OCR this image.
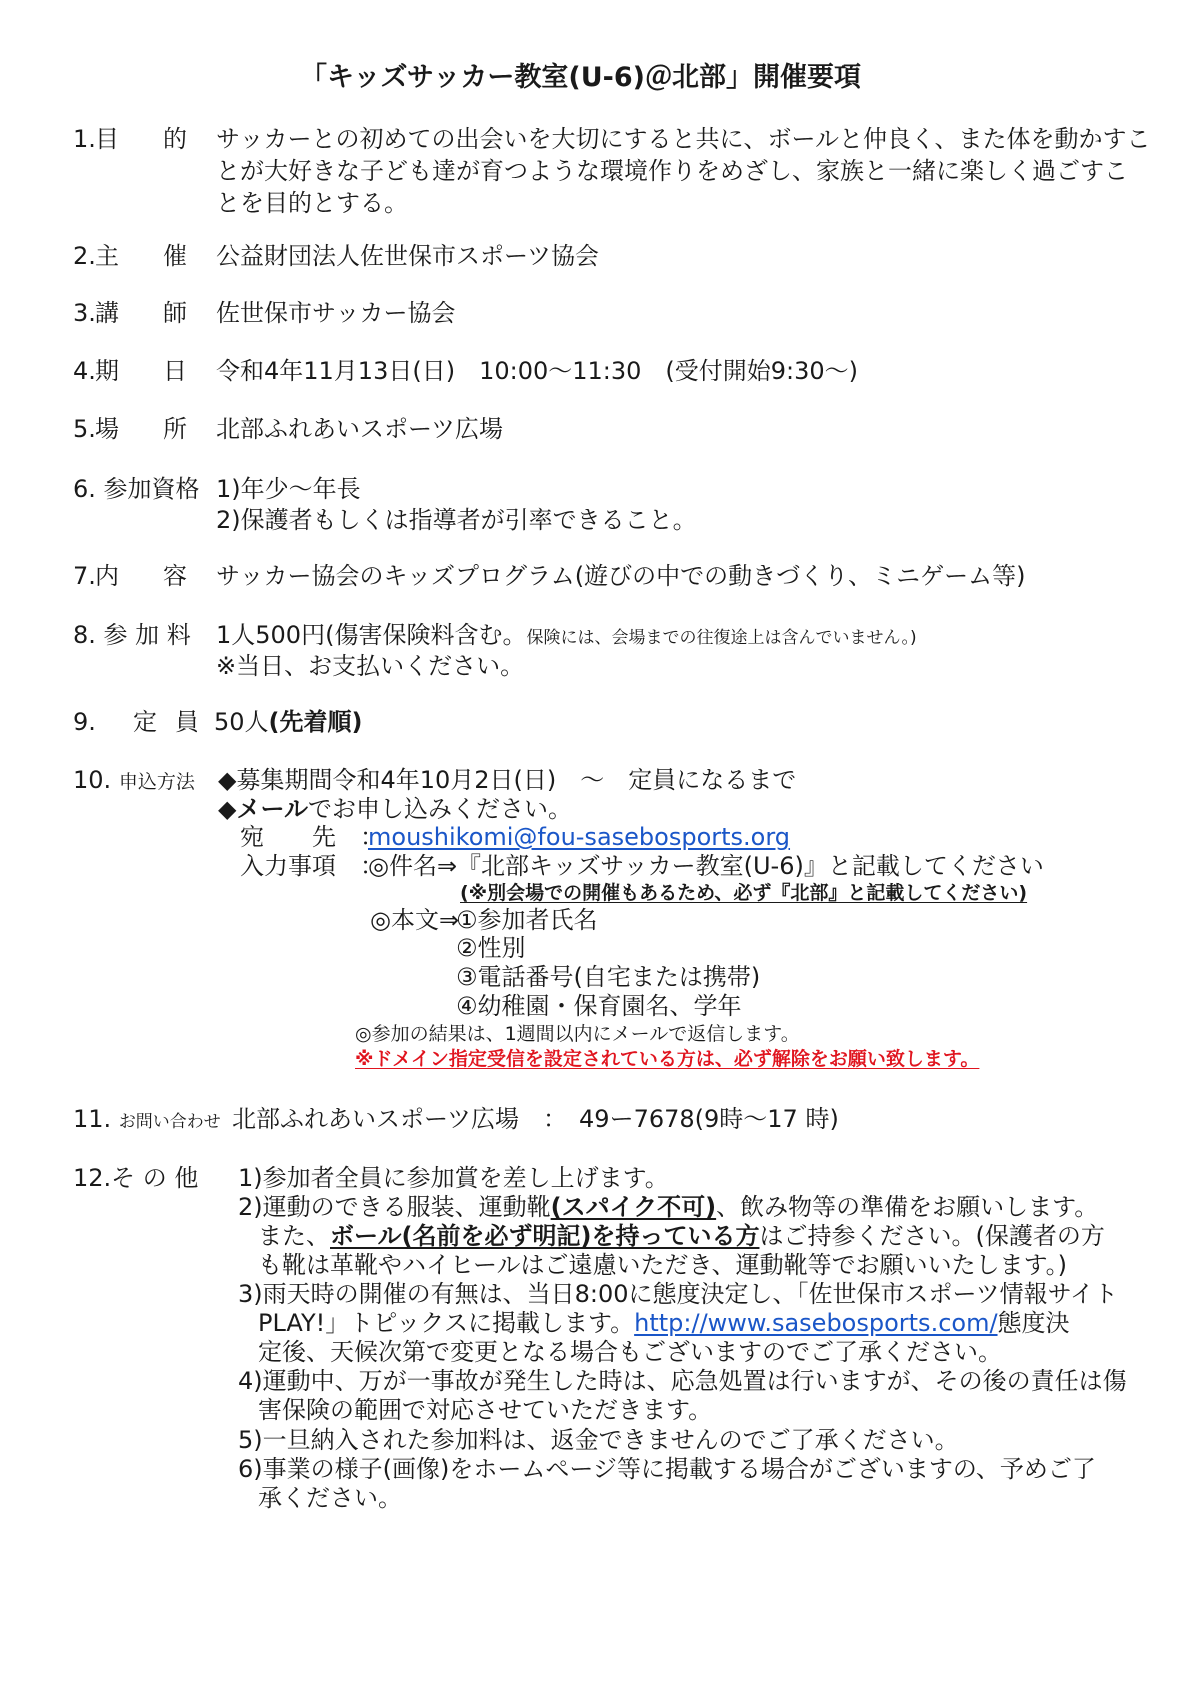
「キッズサッカー教室(U-6)＠北部」開催要項
1. 目 的 サッカーとの初めての出会いを大切にすると共に、ボールと仲良く、また体を動かすこ
とが大好きな子ども達が育つような環境作りをめざし、家族と一緒に楽しく過ごすこ
とを目的とする。
2. 主 催 公益財団法人佐世保市スポーツ協会
3. 講 師 佐世保市サッカー協会
4. 期 日 令和4年11月13日(日)　10:00～11:30　(受付開始9:30～)
5. 場 所 北部ふれあいスポーツ広場
6. 参加資格 1)年少～年長
2)保護者もしくは指導者が引率できること。
7. 内 容 サッカー協会のキッズプログラム(遊びの中での動きづくり、ミニゲーム等)
8. 参 加 料 1人500円(傷害保険料含む。保険には、会場までの往復途上は含んでいません。)
※当日、お支払いください。
9. 定 員 50人(先着順)
10. 申込方法 ◆募集期間令和4年10月2日(日)　～　定員になるまで
◆メールでお申し込みください。
宛　　先　：
moushikomi@fou-sasebosports.org
入力事項　：
◎件名⇒『北部キッズサッカー教室(U-6)』と記載してください
(※別会場での開催もあるため、必ず『北部』と記載してください)
◎本文⇒
①参加者氏名
②性別
③電話番号(自宅または携帯)
④幼稚園・保育園名、学年
◎参加の結果は、1週間以内にメールで返信します。
※ドメイン指定受信を設定されている方は、必ず解除をお願い致します。
11. お問い合わせ 北部ふれあいスポーツ広場　：　49ー7678(9時～17 時)
12.そ の 他 1)参加者全員に参加賞を差し上げます。
2)運動のできる服装、運動靴(スパイク不可)、飲み物等の準備をお願いします。
また、ボール(名前を必ず明記)を持っている方はご持参ください。(保護者の方
も靴は革靴やハイヒールはご遠慮いただき、運動靴等でお願いいたします。)
3)雨天時の開催の有無は、当日8:00に態度決定し、「佐世保市スポーツ情報サイト
PLAY!」トピックスに掲載します。http://www.sasebosports.com/態度決
定後、天候次第で変更となる場合もございますのでご了承ください。
4)運動中、万が一事故が発生した時は、応急処置は行いますが、その後の責任は傷
害保険の範囲で対応させていただきます。
5)一旦納入された参加料は、返金できませんのでご了承ください。
6)事業の様子(画像)をホームページ等に掲載する場合がございますの、予めご了
承ください。
